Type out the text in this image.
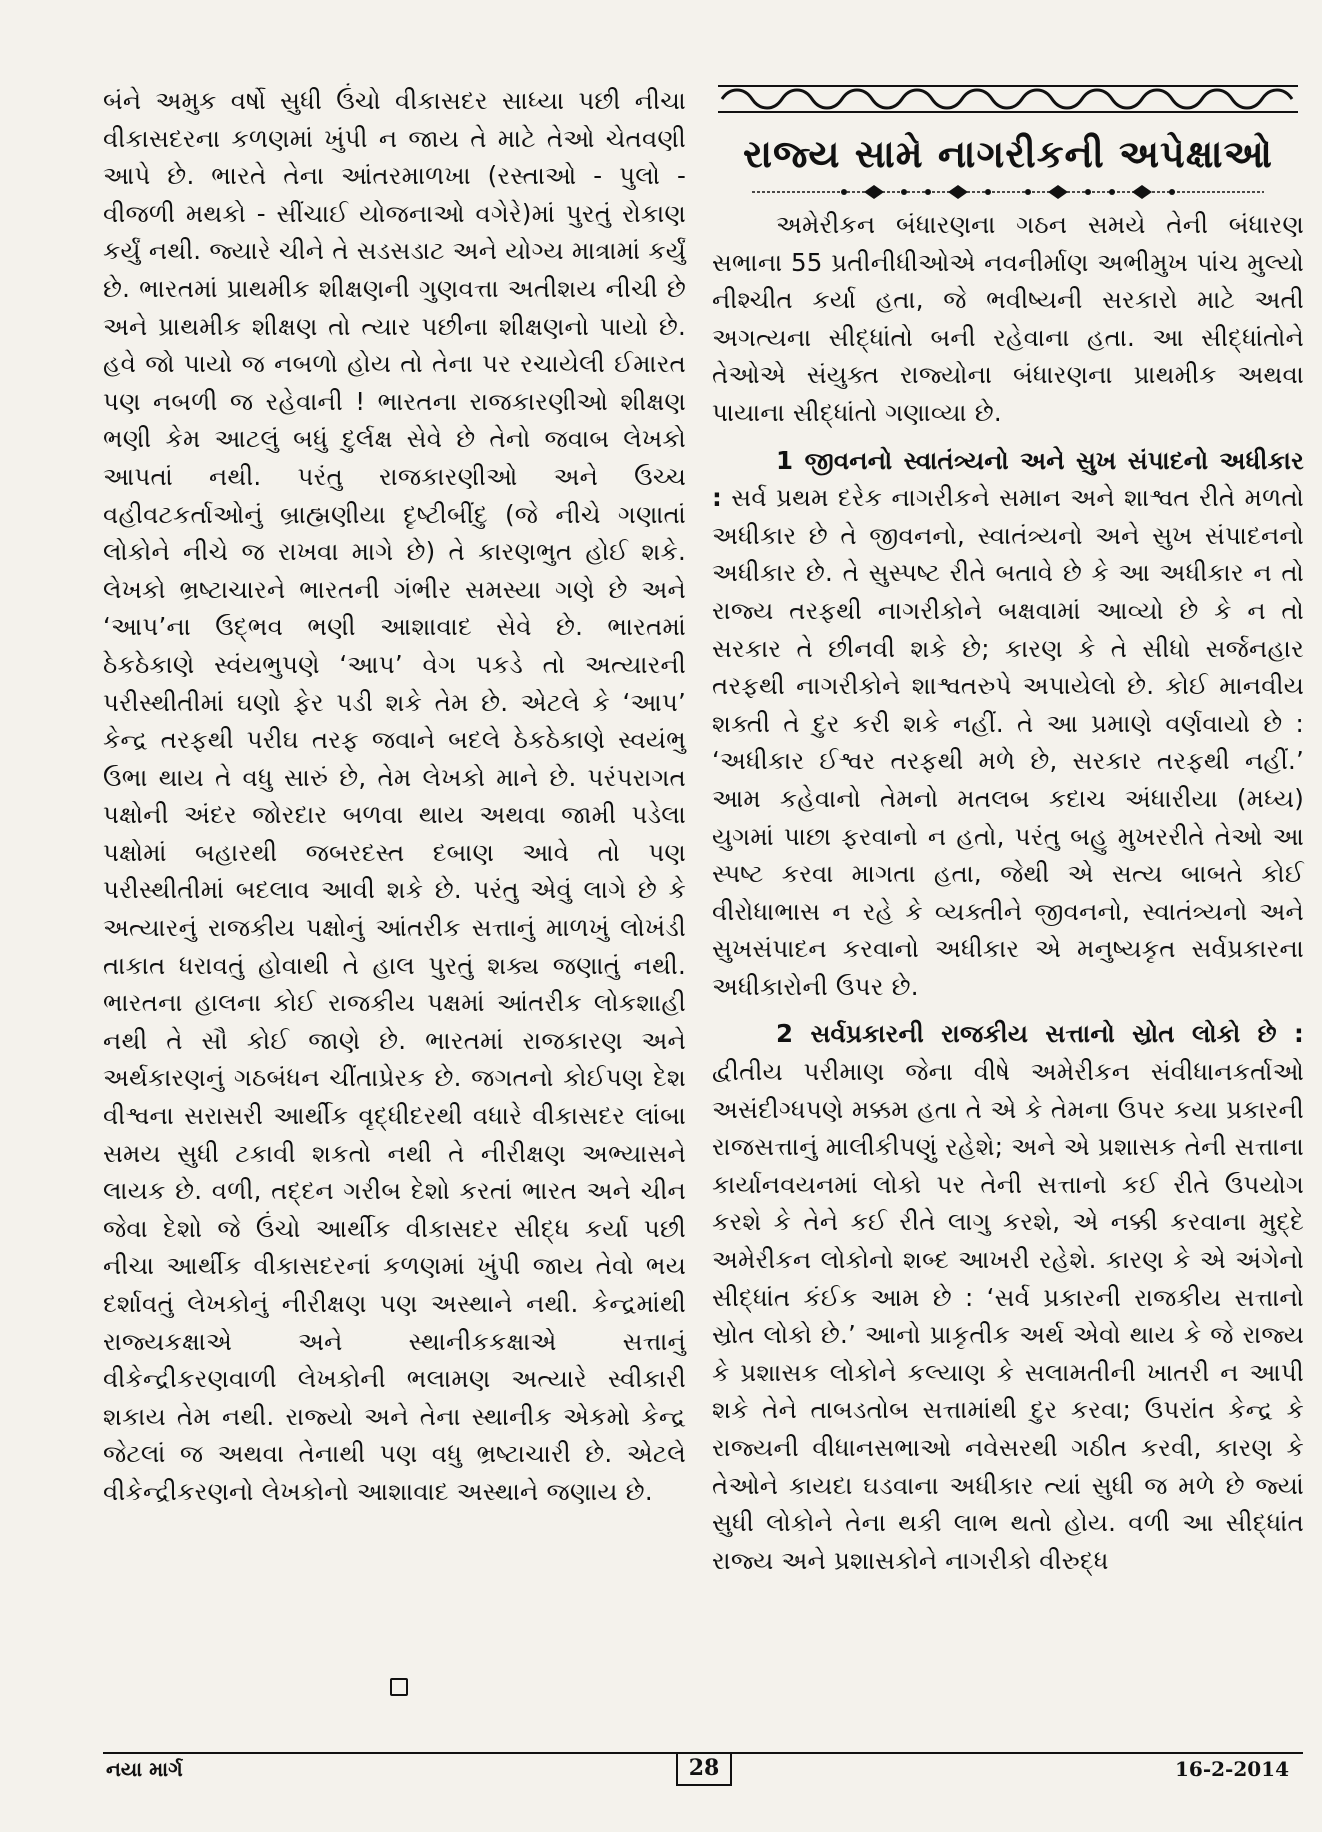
બંને અમુક વર્ષો સુધી ઉંચો વીકાસદર સાધ્યા પછી નીચા વીકાસદરના કળણમાં ખુંપી ન જાય તે માટે તેઓ ચેતવણી આપે છે. ભારતે તેના આંતરમાળખા (રસ્તાઓ - પુલો - વીજળી મથકો - સીંચાઈ યોજનાઓ વગેરે)માં પુરતું રોકાણ કર્યું નથી. જ્યારે ચીને તે સડસડાટ અને યોગ્ય માત્રામાં કર્યું છે. ભારતમાં પ્રાથમીક શીક્ષણની ગુણવત્તા અતીશય નીચી છે અને પ્રાથમીક શીક્ષણ તો ત્યાર પછીના શીક્ષણનો પાયો છે. હવે જો પાયો જ નબળો હોય તો તેના પર રચાયેલી ઈમારત પણ નબળી જ રહેવાની ! ભારતના રાજકારણીઓ શીક્ષણ ભણી કેમ આટલું બધું દુર્લક્ષ સેવે છે તેનો જવાબ લેખકો આપતાં નથી. પરંતુ રાજકારણીઓ અને ઉચ્ચ વહીવટકર્તાઓનું બ્રાહ્મણીયા દૃષ્ટીબીંદુ (જે નીચે ગણાતાં લોકોને નીચે જ રાખવા માગે છે) તે કારણભુત હોઈ શકે. લેખકો ભ્રષ્ટાચારને ભારતની ગંભીર સમસ્યા ગણે છે અને ‘આપ’ના ઉદ્ભવ ભણી આશાવાદ સેવે છે. ભારતમાં ઠેકઠેકાણે સ્વંયભુપણે ‘આપ’ વેગ પકડે તો અત્યારની પરીસ્થીતીમાં ઘણો ફેર પડી શકે તેમ છે. એટલે કે ‘આપ’ કેન્દ્ર તરફથી પરીઘ તરફ જવાને બદલે ઠેકઠેકાણે સ્વયંભુ ઉભા થાય તે વધુ સારું છે, તેમ લેખકો માને છે. પરંપરાગત પક્ષોની અંદર જોરદાર બળવા થાય અથવા જામી પડેલા પક્ષોમાં બહારથી જબરદસ્ત દબાણ આવે તો પણ પરીસ્થીતીમાં બદલાવ આવી શકે છે. પરંતુ એવું લાગે છે કે અત્યારનું રાજકીય પક્ષોનું આંતરીક સત્તાનું માળખું લોખંડી તાકાત ધરાવતું હોવાથી તે હાલ પુરતું શક્ય જણાતું નથી. ભારતના હાલના કોઈ રાજકીય પક્ષમાં આંતરીક લોકશાહી નથી તે સૌ કોઈ જાણે છે. ભારતમાં રાજકારણ અને અર્થકારણનું ગઠબંધન ચીંતાપ્રેરક છે. જગતનો કોઈપણ દેશ વીશ્વના સરાસરી આર્થીક વૃદ્ધીદરથી વધારે વીકાસદર લાંબા સમય સુધી ટકાવી શકતો નથી તે નીરીક્ષણ અભ્યાસને લાયક છે. વળી, તદ્દન ગરીબ દેશો કરતાં ભારત અને ચીન જેવા દેશો જે ઉંચો આર્થીક વીકાસદર સીદ્ધ કર્યા પછી નીચા આર્થીક વીકાસદરનાં કળણમાં ખુંપી જાય તેવો ભય દર્શાવતું લેખકોનું નીરીક્ષણ પણ અસ્થાને નથી. કેન્દ્રમાંથી રાજ્યકક્ષાએ અને સ્થાનીકકક્ષાએ સત્તાનું વીકેન્દ્રીકરણવાળી લેખકોની ભલામણ અત્યારે સ્વીકારી શકાય તેમ નથી. રાજ્યો અને તેના સ્થાનીક એકમો કેન્દ્ર જેટલાં જ અથવા તેનાથી પણ વધુ ભ્રષ્ટાચારી છે. એટલે વીકેન્દ્રીકરણનો લેખકોનો આશાવાદ અસ્થાને જણાય છે.

રાજ્ય સામે નાગરીકની અપેક્ષાઓ

અમેરીકન બંધારણના ગઠન સમયે તેની બંધારણ સભાના 55 પ્રતીનીધીઓએ નવનીર્માણ અભીમુખ પાંચ મુલ્યો નીશ્ચીત કર્યા હતા, જે ભવીષ્યની સરકારો માટે અતી અગત્યના સીદ્ધાંતો બની રહેવાના હતા. આ સીદ્ધાંતોને તેઓએ સંયુક્ત રાજ્યોના બંધારણના પ્રાથમીક અથવા પાયાના સીદ્ધાંતો ગણાવ્યા છે.

1 જીવનનો સ્વાતંત્ર્યનો અને સુખ સંપાદનો અધીકાર : સર્વ પ્રથમ દરેક નાગરીકને સમાન અને શાશ્વત રીતે મળતો અધીકાર છે તે જીવનનો, સ્વાતંત્ર્યનો અને સુખ સંપાદનનો અધીકાર છે. તે સુસ્પષ્ટ રીતે બતાવે છે કે આ અધીકાર ન તો રાજ્ય તરફથી નાગરીકોને બક્ષવામાં આવ્યો છે કે ન તો સરકાર તે છીનવી શકે છે; કારણ કે તે સીધો સર્જનહાર તરફથી નાગરીકોને શાશ્વતરુપે અપાયેલો છે. કોઈ માનવીય શક્તી તે દુર કરી શકે નહીં. તે આ પ્રમાણે વર્ણવાયો છે : ‘અધીકાર ઈશ્વર તરફથી મળે છે, સરકાર તરફથી નહીં.’ આમ કહેવાનો તેમનો મતલબ કદાચ અંધારીયા (મધ્ય) યુગમાં પાછા ફરવાનો ન હતો, પરંતુ બહુ મુખરરીતે તેઓ આ સ્પષ્ટ કરવા માગતા હતા, જેથી એ સત્ય બાબતે કોઈ વીરોધાભાસ ન રહે કે વ્યક્તીને જીવનનો, સ્વાતંત્ર્યનો અને સુખસંપાદન કરવાનો અધીકાર એ મનુષ્યકૃત સર્વપ્રકારના અધીકારોની ઉપર છે.

2 સર્વપ્રકારની રાજકીય સત્તાનો સ્રોત લોકો છે : દ્વીતીય પરીમાણ જેના વીષે અમેરીકન સંવીધાનકર્તાઓ અસંદીગ્ધપણે મક્કમ હતા તે એ કે તેમના ઉપર કયા પ્રકારની રાજસત્તાનું માલીકીપણું રહેશે; અને એ પ્રશાસક તેની સત્તાના કાર્યાનવયનમાં લોકો પર તેની સત્તાનો કઈ રીતે ઉપયોગ કરશે કે તેને કઈ રીતે લાગુ કરશે, એ નક્કી કરવાના મુદ્દે અમેરીકન લોકોનો શબ્દ આખરી રહેશે. કારણ કે એ અંગેનો સીદ્ધાંત કંઈક આમ છે : ‘સર્વ પ્રકારની રાજકીય સત્તાનો સ્રોત લોકો છે.’ આનો પ્રાકૃતીક અર્થ એવો થાય કે જે રાજ્ય કે પ્રશાસક લોકોને કલ્યાણ કે સલામતીની ખાતરી ન આપી શકે તેને તાબડતોબ સત્તામાંથી દુર કરવા; ઉપરાંત કેન્દ્ર કે રાજ્યની વીધાનસભાઓ નવેસરથી ગઠીત કરવી, કારણ કે તેઓને કાયદા ઘડવાના અધીકાર ત્યાં સુધી જ મળે છે જ્યાં સુધી લોકોને તેના થકી લાભ થતો હોય. વળી આ સીદ્ધાંત રાજ્ય અને પ્રશાસકોને નાગરીકો વીરુદ્ધ

નયા માર્ગ	28	16-2-2014
